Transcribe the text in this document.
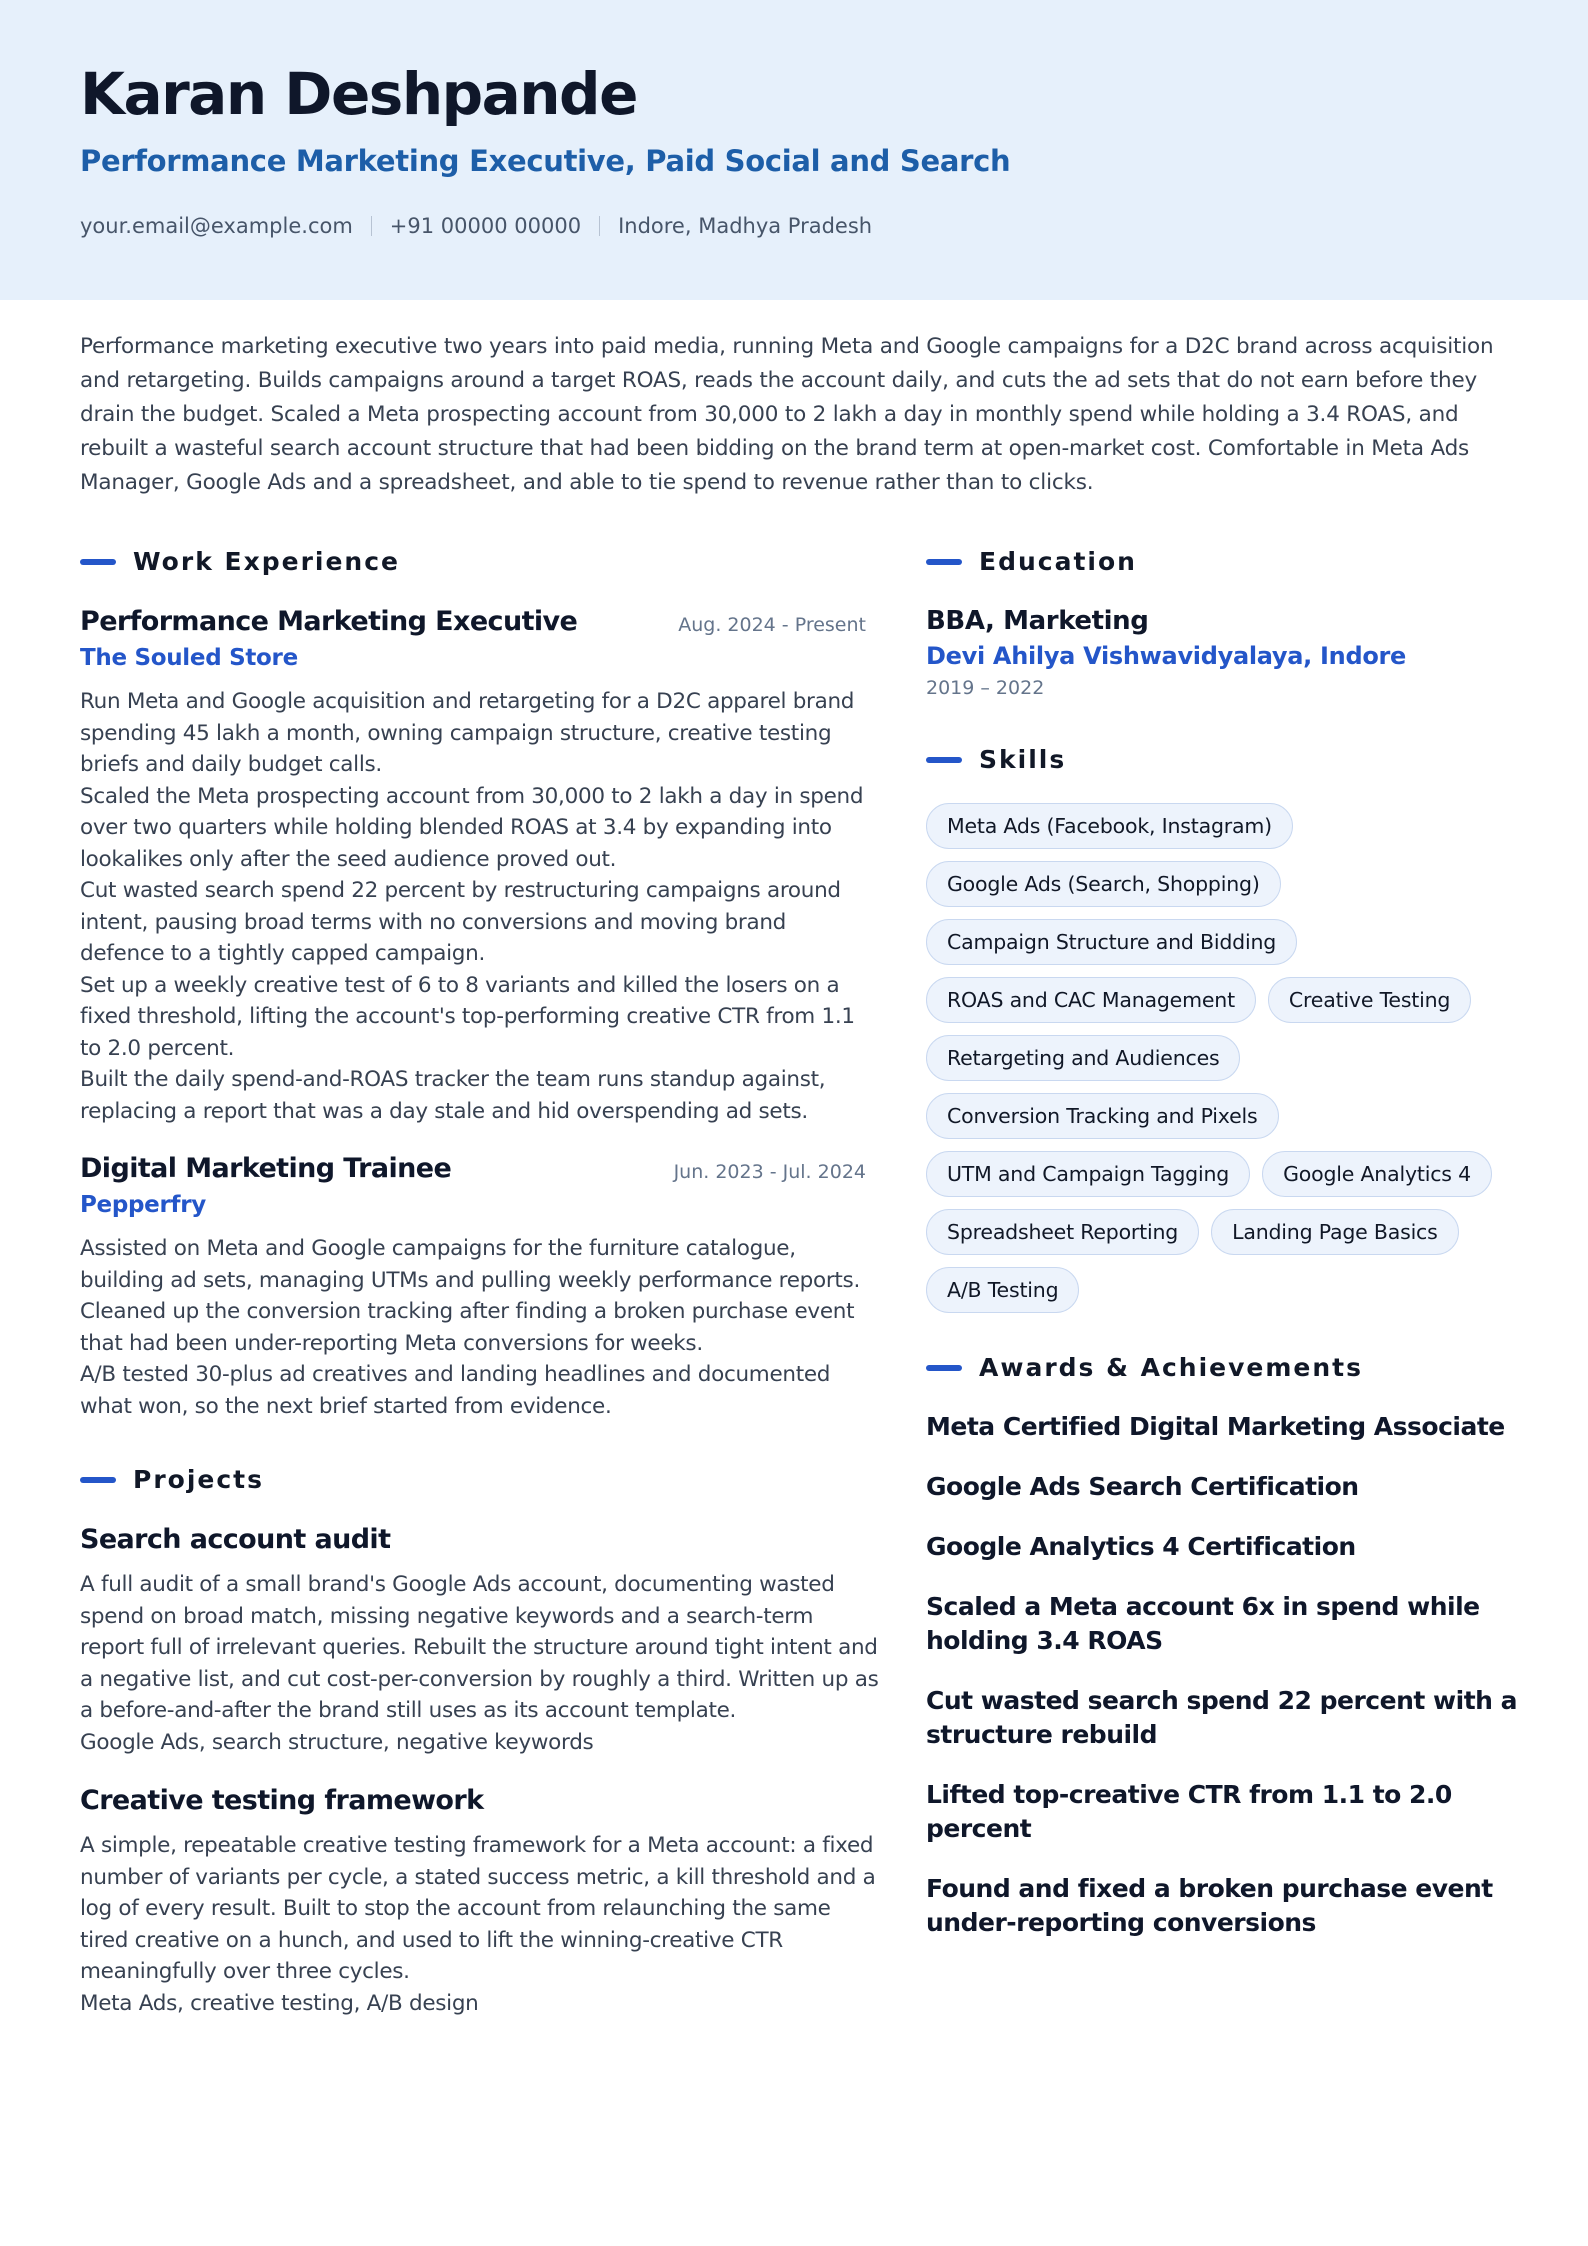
Karan Deshpande
Performance Marketing Executive, Paid Social and Search
your.email@example.com +91 00000 00000 Indore, Madhya Pradesh
Performance marketing executive two years into paid media, running Meta and Google campaigns for a D2C brand across acquisition and retargeting. Builds campaigns around a target ROAS, reads the account daily, and cuts the ad sets that do not earn before they drain the budget. Scaled a Meta prospecting account from 30,000 to 2 lakh a day in monthly spend while holding a 3.4 ROAS, and rebuilt a wasteful search account structure that had been bidding on the brand term at open-market cost. Comfortable in Meta Ads Manager, Google Ads and a spreadsheet, and able to tie spend to revenue rather than to clicks.
Work Experience
Performance Marketing Executive	Aug. 2024 - Present
The Souled Store

Run Meta and Google acquisition and retargeting for a D2C apparel brand spending 45 lakh a month, owning campaign structure, creative testing briefs and daily budget calls.

Scaled the Meta prospecting account from 30,000 to 2 lakh a day in spend over two quarters while holding blended ROAS at 3.4 by expanding into lookalikes only after the seed audience proved out.

Cut wasted search spend 22 percent by restructuring campaigns around intent, pausing broad terms with no conversions and moving brand defence to a tightly capped campaign.

Set up a weekly creative test of 6 to 8 variants and killed the losers on a fixed threshold, lifting the account's top-performing creative CTR from 1.1 to 2.0 percent.

Built the daily spend-and-ROAS tracker the team runs standup against, replacing a report that was a day stale and hid overspending ad sets.

Digital Marketing Trainee	Jun. 2023 - Jul. 2024
Pepperfry

Assisted on Meta and Google campaigns for the furniture catalogue, building ad sets, managing UTMs and pulling weekly performance reports.

Cleaned up the conversion tracking after finding a broken purchase event that had been under-reporting Meta conversions for weeks.

A/B tested 30-plus ad creatives and landing headlines and documented what won, so the next brief started from evidence.

Projects
Search account audit

A full audit of a small brand's Google Ads account, documenting wasted spend on broad match, missing negative keywords and a search-term report full of irrelevant queries. Rebuilt the structure around tight intent and a negative list, and cut cost-per-conversion by roughly a third. Written up as a before-and-after the brand still uses as its account template.

Google Ads, search structure, negative keywords

Creative testing framework

A simple, repeatable creative testing framework for a Meta account: a fixed number of variants per cycle, a stated success metric, a kill threshold and a log of every result. Built to stop the account from relaunching the same tired creative on a hunch, and used to lift the winning-creative CTR meaningfully over three cycles.

Meta Ads, creative testing, A/B design

Education
BBA, Marketing
Devi Ahilya Vishwavidyalaya, Indore
2019 – 2022
Skills
Meta Ads (Facebook, Instagram)
Google Ads (Search, Shopping)
Campaign Structure and Bidding
ROAS and CAC Management	Creative Testing
Retargeting and Audiences
Conversion Tracking and Pixels
UTM and Campaign Tagging	Google Analytics 4
Spreadsheet Reporting	Landing Page Basics
A/B Testing
Awards & Achievements
Meta Certified Digital Marketing Associate
Google Ads Search Certification
Google Analytics 4 Certification
Scaled a Meta account 6x in spend while holding 3.4 ROAS
Cut wasted search spend 22 percent with a structure rebuild
Lifted top-creative CTR from 1.1 to 2.0 percent
Found and fixed a broken purchase event under-reporting conversions
